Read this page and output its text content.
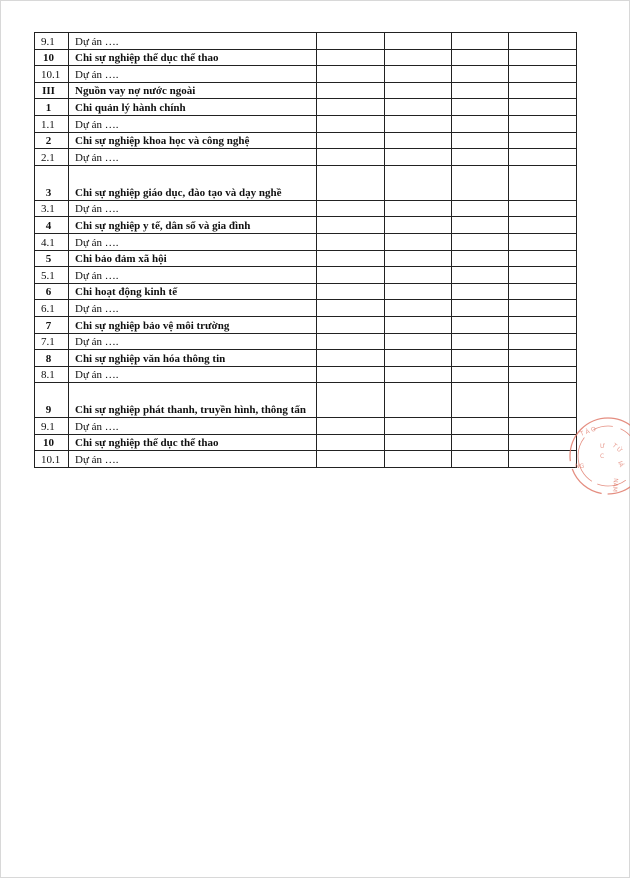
9.1	Dự án ….				
10	Chi sự nghiệp thể dục thể thao				
10.1	Dự án ….				
III	Nguồn vay nợ nước ngoài				
1	Chi quản lý hành chính				
1.1	Dự án ….				
2	Chi sự nghiệp khoa học và công nghệ				
2.1	Dự án ….				
3	Chi sự nghiệp giáo dục, đào tạo và dạy nghề				
3.1	Dự án ….				
4	Chi sự nghiệp y tế, dân số và gia đình				
4.1	Dự án ….				
5	Chi bảo đảm xã hội				
5.1	Dự án ….				
6	Chi hoạt động kinh tế				
6.1	Dự án ….				
7	Chi sự nghiệp bảo vệ môi trường				
7.1	Dự án ….				
8	Chi sự nghiệp văn hóa thông tin				
8.1	Dự án ….				
9	Chi sự nghiệp phát thanh, truyền hình, thông tấn				
9.1	Dự án ….				
10	Chi sự nghiệp thể dục thể thao				
10.1	Dự án ….				
T À O
Ư
C
NG
T Ử
IÁ
NAM
